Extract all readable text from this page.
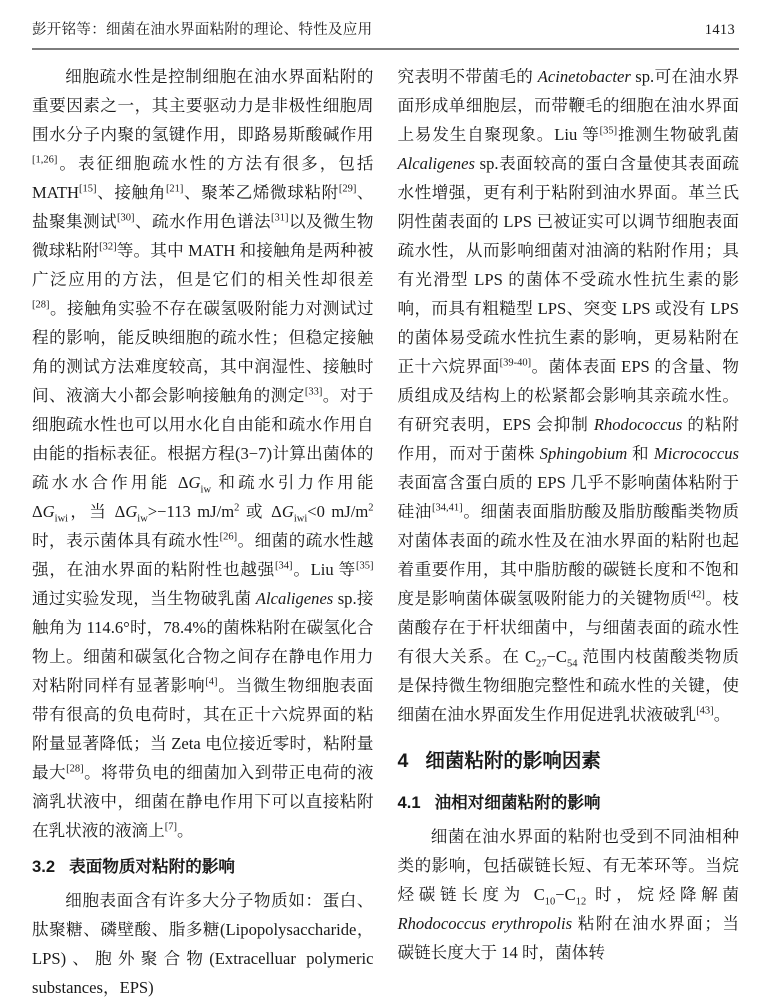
彭开铭等：细菌在油水界面粘附的理论、特性及应用	1413

细胞疏水性是控制细胞在油水界面粘附的重要因素之一，其主要驱动力是非极性细胞周围水分子内聚的氢键作用，即路易斯酸碱作用[1,26]。表征细胞疏水性的方法有很多，包括 MATH[15]、接触角[21]、聚苯乙烯微球粘附[29]、盐聚集测试[30]、疏水作用色谱法[31]以及微生物微球粘附[32]等。其中 MATH 和接触角是两种被广泛应用的方法，但是它们的相关性却很差[28]。接触角实验不存在碳氢吸附能力对测试过程的影响，能反映细胞的疏水性；但稳定接触角的测试方法难度较高，其中润湿性、接触时间、液滴大小都会影响接触角的测定[33]。对于细胞疏水性也可以用水化自由能和疏水作用自由能的指标表征。根据方程(3−7)计算出菌体的疏水水合作用能 $\Delta G_{iw}$ 和疏水引力作用能$\Delta G_{iwi}$，当 $\Delta G_{iw}>-113$ $mJ/m^2$ 或 $\Delta G_{iwi}<0$ $mJ/m^2$ 时，表示菌体具有疏水性[26]。细菌的疏水性越强，在油水界面的粘附性也越强[34]。Liu 等[35]通过实验发现，当生物破乳菌 Alcaligenes sp.接触角为 114.6°时，78.4%的菌株粘附在碳氢化合物上。细菌和碳氢化合物之间存在静电作用力对粘附同样有显著影响[4]。当微生物细胞表面带有很高的负电荷时，其在正十六烷界面的粘附量显著降低；当 Zeta 电位接近零时，粘附量最大[28]。将带负电的细菌加入到带正电荷的液滴乳状液中，细菌在静电作用下可以直接粘附在乳状液的液滴上[7]。

3.2 表面物质对粘附的影响

细胞表面含有许多大分子物质如：蛋白、肽聚糖、磷壁酸、脂多糖(Lipopolysaccharide，LPS)、胞外聚合物(Extracelluar polymeric substances，EPS)

究表明不带菌毛的 Acinetobacter sp.可在油水界面形成单细胞层，而带鞭毛的细胞在油水界面上易发生自聚现象。Liu 等[35]推测生物破乳菌 Alcaligenes sp.表面较高的蛋白含量使其表面疏水性增强，更有利于粘附到油水界面。革兰氏阴性菌表面的 LPS 已被证实可以调节细胞表面疏水性，从而影响细菌对油滴的粘附作用；具有光滑型 LPS 的菌体不受疏水性抗生素的影响，而具有粗糙型 LPS、突变 LPS 或没有 LPS 的菌体易受疏水性抗生素的影响，更易粘附在正十六烷界面[39-40]。菌体表面 EPS 的含量、物质组成及结构上的松紧都会影响其亲疏水性。有研究表明，EPS 会抑制 Rhodococcus 的粘附作用，而对于菌株 Sphingobium 和 Micrococcus 表面富含蛋白质的 EPS 几乎不影响菌体粘附于硅油[34,41]。细菌表面脂肪酸及脂肪酸酯类物质对菌体表面的疏水性及在油水界面的粘附也起着重要作用，其中脂肪酸的碳链长度和不饱和度是影响菌体碳氢吸附能力的关键物质[42]。枝菌酸存在于杆状细菌中，与细菌表面的疏水性有很大关系。在 $C_{27}-C_{54}$ 范围内枝菌酸类物质是保持微生物细胞完整性和疏水性的关键，使细菌在油水界面发生作用促进乳状液破乳[43]。

4 细菌粘附的影响因素
4.1 油相对细菌粘附的影响

细菌在油水界面的粘附也受到不同油相种类的影响，包括碳链长短、有无苯环等。当烷烃碳链长度为 $C_{10}-C_{12}$ 时，烷烃降解菌 Rhodococcus erythropolis 粘附在油水界面；当碳链长度大于 14 时，菌体转
